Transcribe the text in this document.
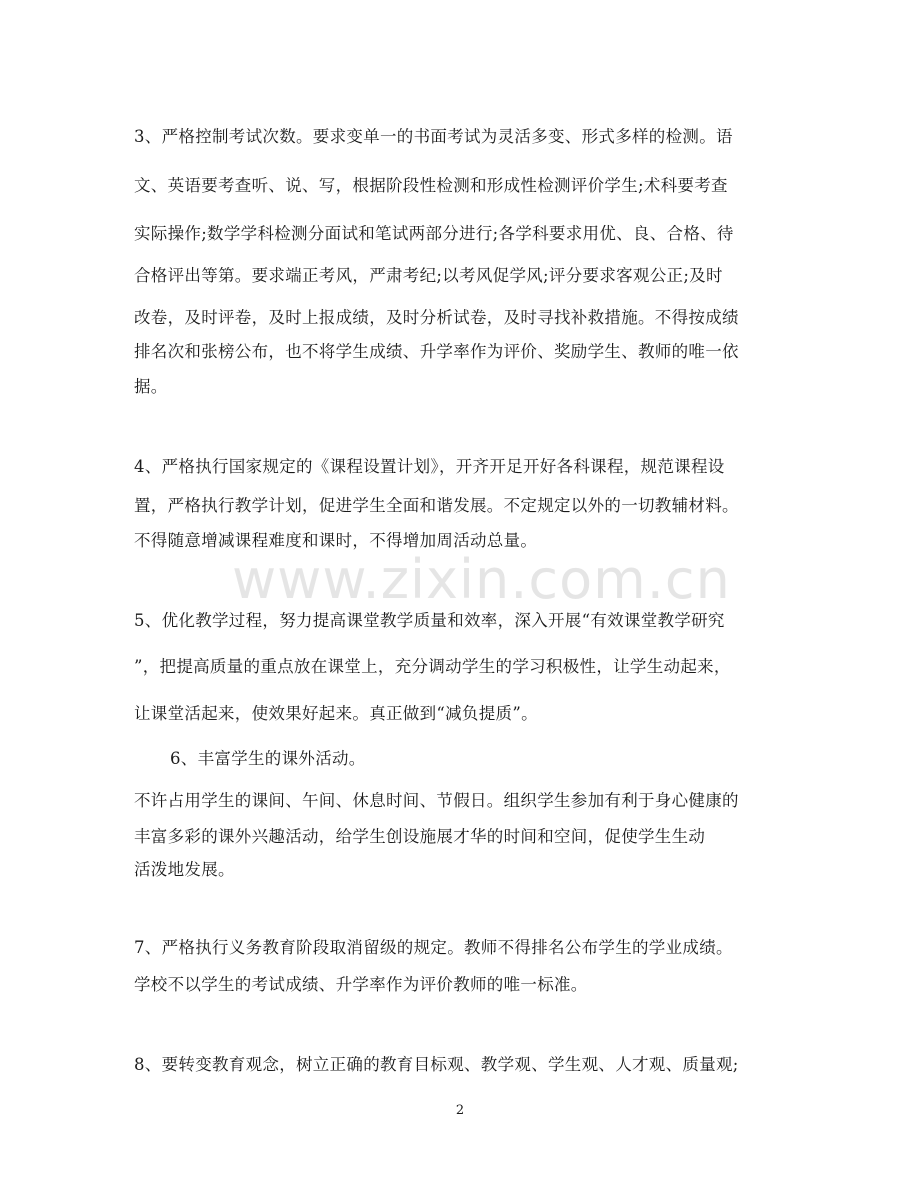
www.zixin.com.cn
3、严格控制考试次数。要求变单一的书面考试为灵活多变、形式多样的检测。语
文、英语要考查听、说、写，根据阶段性检测和形成性检测评价学生;术科要考查
实际操作;数学学科检测分面试和笔试两部分进行;各学科要求用优、良、合格、待
合格评出等第。要求端正考风，严肃考纪;以考风促学风;评分要求客观公正;及时
改卷，及时评卷，及时上报成绩，及时分析试卷，及时寻找补救措施。不得按成绩
排名次和张榜公布，也不将学生成绩、升学率作为评价、奖励学生、教师的唯一依
据。
4、严格执行国家规定的《课程设置计划》，开齐开足开好各科课程，规范课程设
置，严格执行教学计划，促进学生全面和谐发展。不定规定以外的一切教辅材料。
不得随意增减课程难度和课时，不得增加周活动总量。
5、优化教学过程，努力提高课堂教学质量和效率，深入开展“有效课堂教学研究
”，把提高质量的重点放在课堂上，充分调动学生的学习积极性，让学生动起来，
让课堂活起来，使效果好起来。真正做到“减负提质”。
6、丰富学生的课外活动。
不许占用学生的课间、午间、休息时间、节假日。组织学生参加有利于身心健康的
丰富多彩的课外兴趣活动，给学生创设施展才华的时间和空间，促使学生生动
活泼地发展。
7、严格执行义务教育阶段取消留级的规定。教师不得排名公布学生的学业成绩。
学校不以学生的考试成绩、升学率作为评价教师的唯一标准。
8、要转变教育观念，树立正确的教育目标观、教学观、学生观、人才观、质量观;
2
